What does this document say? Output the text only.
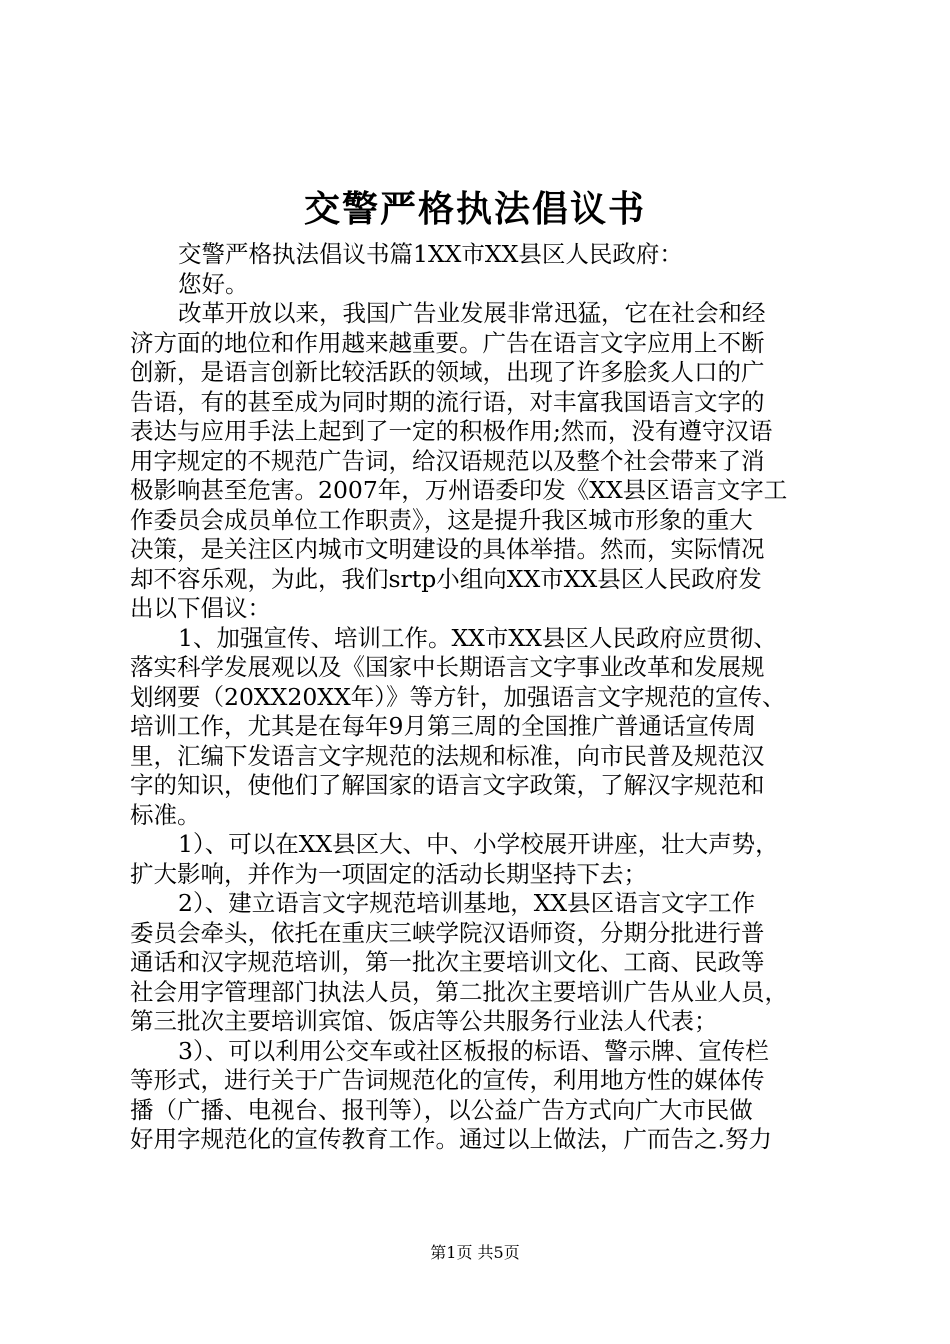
交警严格执法倡议书
交警严格执法倡议书篇1XX市XX县区人民政府：
您好。
改革开放以来，我国广告业发展非常迅猛，它在社会和经
济方面的地位和作用越来越重要。广告在语言文字应用上不断
创新，是语言创新比较活跃的领域，出现了许多脍炙人口的广
告语，有的甚至成为同时期的流行语，对丰富我国语言文字的
表达与应用手法上起到了一定的积极作用;然而，没有遵守汉语
用字规定的不规范广告词，给汉语规范以及整个社会带来了消
极影响甚至危害。2007年，万州语委印发《XX县区语言文字工
作委员会成员单位工作职责》，这是提升我区城市形象的重大
决策，是关注区内城市文明建设的具体举措。然而，实际情况
却不容乐观，为此，我们srtp小组向XX市XX县区人民政府发
出以下倡议：
1、加强宣传、培训工作。XX市XX县区人民政府应贯彻、
落实科学发展观以及《国家中长期语言文字事业改革和发展规
划纲要（20XX20XX年）》等方针，加强语言文字规范的宣传、
培训工作，尤其是在每年9月第三周的全国推广普通话宣传周
里，汇编下发语言文字规范的法规和标准，向市民普及规范汉
字的知识，使他们了解国家的语言文字政策，了解汉字规范和
标准。
1）、可以在XX县区大、中、小学校展开讲座，壮大声势，
扩大影响，并作为一项固定的活动长期坚持下去；
2）、建立语言文字规范培训基地，XX县区语言文字工作
委员会牵头，依托在重庆三峡学院汉语师资，分期分批进行普
通话和汉字规范培训，第一批次主要培训文化、工商、民政等
社会用字管理部门执法人员，第二批次主要培训广告从业人员，
第三批次主要培训宾馆、饭店等公共服务行业法人代表；
3）、可以利用公交车或社区板报的标语、警示牌、宣传栏
等形式，进行关于广告词规范化的宣传，利用地方性的媒体传
播（广播、电视台、报刊等），以公益广告方式向广大市民做
好用字规范化的宣传教育工作。通过以上做法，广而告之.努力
第1页 共5页
